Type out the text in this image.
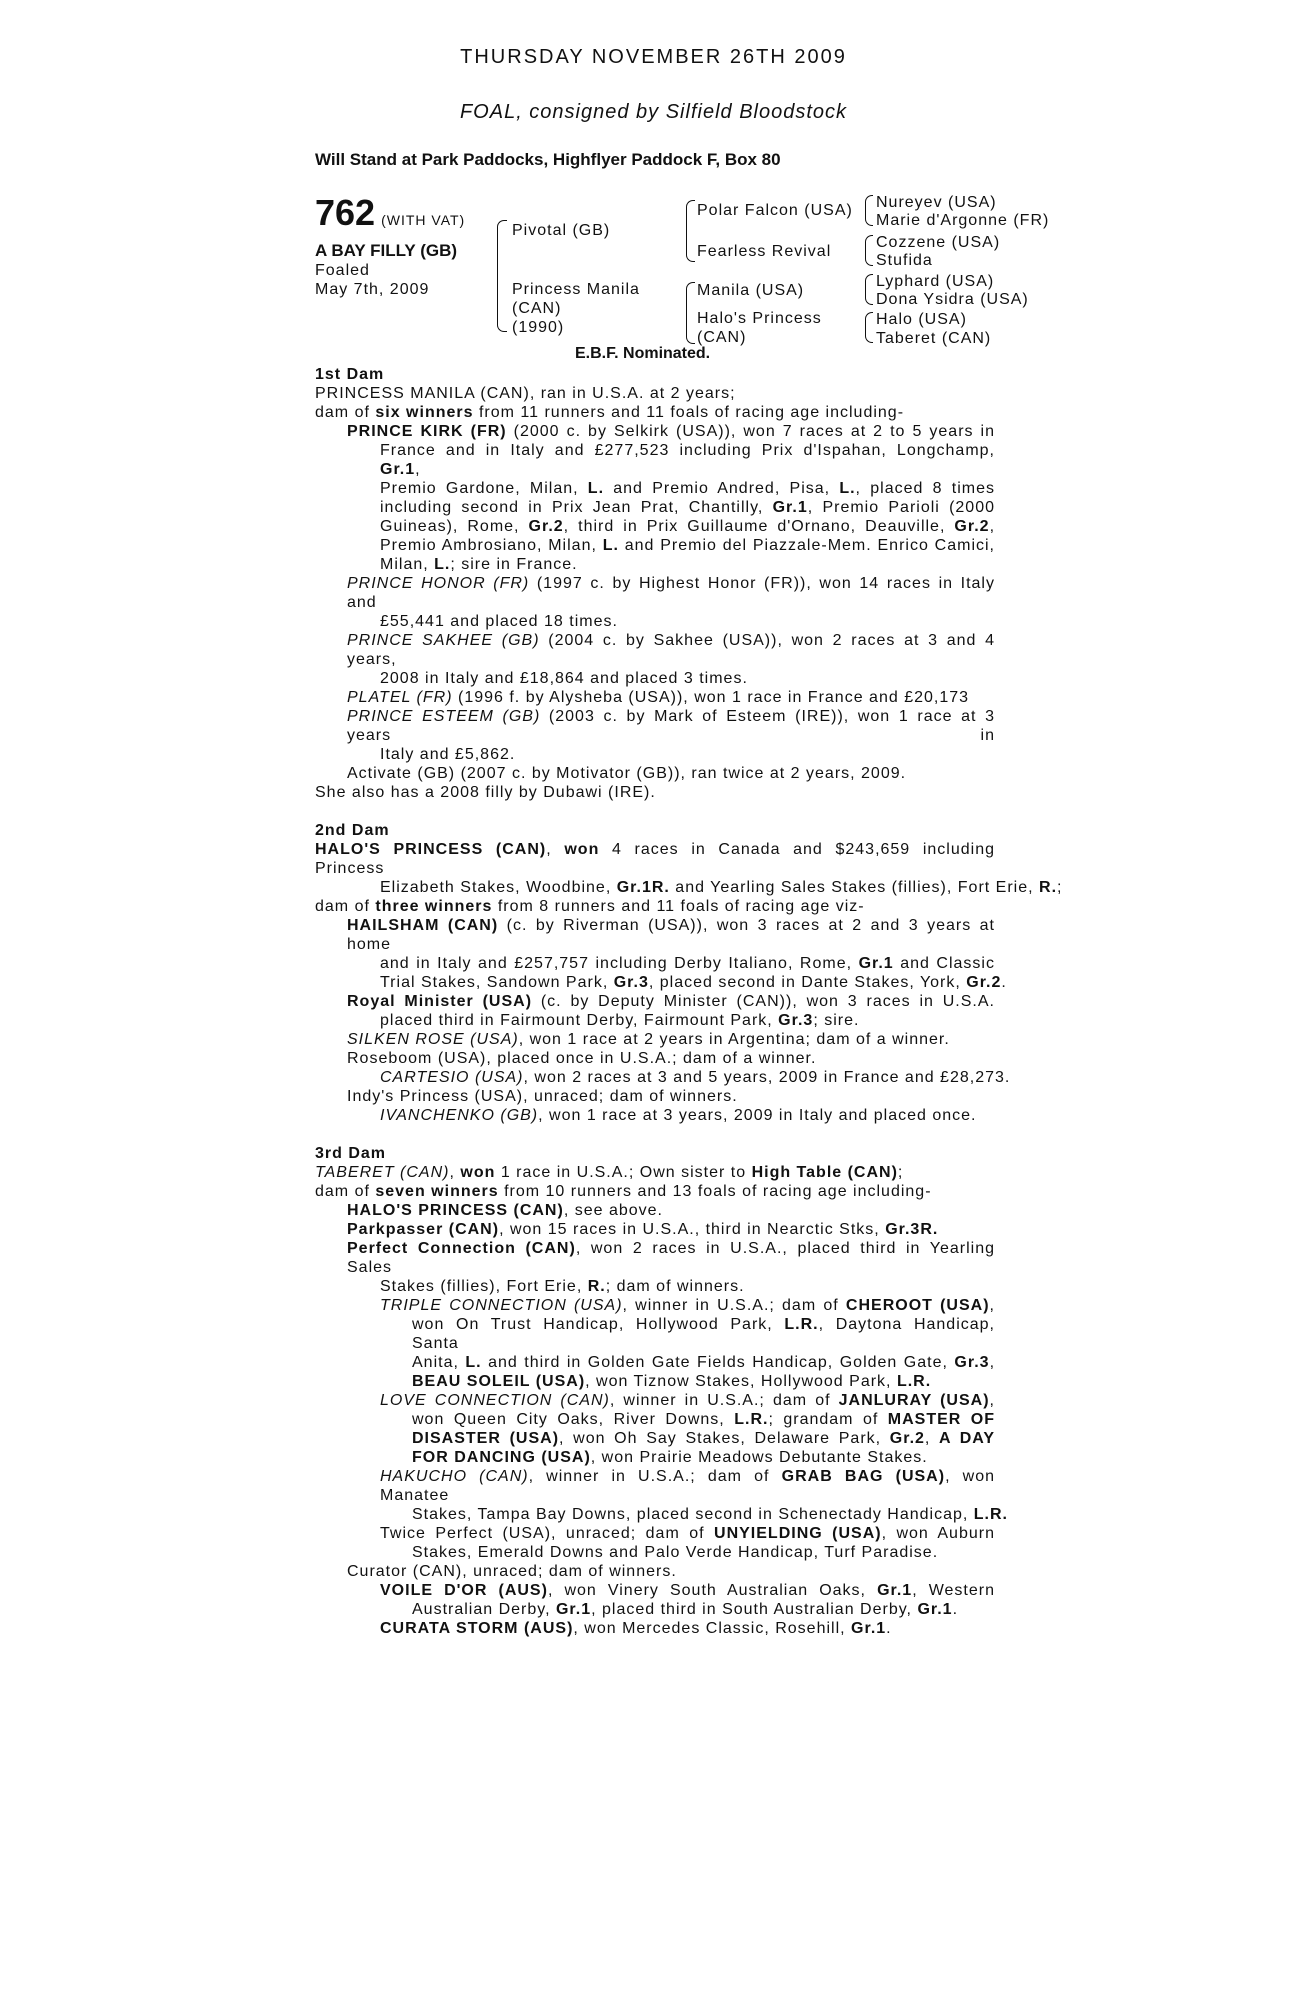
THURSDAY NOVEMBER 26TH 2009
FOAL, consigned by Silfield Bloodstock
Will Stand at Park Paddocks, Highflyer Paddock F, Box 80
762 (WITH VAT)
A BAY FILLY (GB)
Foaled
May 7th, 2009
Pivotal (GB)
Princess Manila
(CAN)
(1990)
Polar Falcon (USA)
Fearless Revival
Manila (USA)
Halo's Princess
(CAN)
Nureyev (USA)
Marie d'Argonne (FR)
Cozzene (USA)
Stufida
Lyphard (USA)
Dona Ysidra (USA)
Halo (USA)
Taberet (CAN)
E.B.F. Nominated.

1st Dam

PRINCESS MANILA (CAN), ran in U.S.A. at 2 years;

dam of six winners from 11 runners and 11 foals of racing age including-

PRINCE KIRK (FR) (2000 c. by Selkirk (USA)), won 7 races at 2 to 5 years in

France and in Italy and £277,523 including Prix d'Ispahan, Longchamp, Gr.1,

Premio Gardone, Milan, L. and Premio Andred, Pisa, L., placed 8 times

including second in Prix Jean Prat, Chantilly, Gr.1, Premio Parioli (2000

Guineas), Rome, Gr.2, third in Prix Guillaume d'Ornano, Deauville, Gr.2,

Premio Ambrosiano, Milan, L. and Premio del Piazzale-Mem. Enrico Camici,

Milan, L.; sire in France.

PRINCE HONOR (FR) (1997 c. by Highest Honor (FR)), won 14 races in Italy and

£55,441 and placed 18 times.

PRINCE SAKHEE (GB) (2004 c. by Sakhee (USA)), won 2 races at 3 and 4 years,

2008 in Italy and £18,864 and placed 3 times.

PLATEL (FR) (1996 f. by Alysheba (USA)), won 1 race in France and £20,173

PRINCE ESTEEM (GB) (2003 c. by Mark of Esteem (IRE)), won 1 race at 3 years in

Italy and £5,862.

Activate (GB) (2007 c. by Motivator (GB)), ran twice at 2 years, 2009.

She also has a 2008 filly by Dubawi (IRE).

2nd Dam

HALO'S PRINCESS (CAN), won 4 races in Canada and $243,659 including Princess

Elizabeth Stakes, Woodbine, Gr.1R. and Yearling Sales Stakes (fillies), Fort Erie, R.;

dam of three winners from 8 runners and 11 foals of racing age viz-

HAILSHAM (CAN) (c. by Riverman (USA)), won 3 races at 2 and 3 years at home

and in Italy and £257,757 including Derby Italiano, Rome, Gr.1 and Classic

Trial Stakes, Sandown Park, Gr.3, placed second in Dante Stakes, York, Gr.2.

Royal Minister (USA) (c. by Deputy Minister (CAN)), won 3 races in U.S.A.

placed third in Fairmount Derby, Fairmount Park, Gr.3; sire.

SILKEN ROSE (USA), won 1 race at 2 years in Argentina; dam of a winner.

Roseboom (USA), placed once in U.S.A.; dam of a winner.

CARTESIO (USA), won 2 races at 3 and 5 years, 2009 in France and £28,273.

Indy's Princess (USA), unraced; dam of winners.

IVANCHENKO (GB), won 1 race at 3 years, 2009 in Italy and placed once.

3rd Dam

TABERET (CAN), won 1 race in U.S.A.; Own sister to High Table (CAN);

dam of seven winners from 10 runners and 13 foals of racing age including-

HALO'S PRINCESS (CAN), see above.

Parkpasser (CAN), won 15 races in U.S.A., third in Nearctic Stks, Gr.3R.

Perfect Connection (CAN), won 2 races in U.S.A., placed third in Yearling Sales

Stakes (fillies), Fort Erie, R.; dam of winners.

TRIPLE CONNECTION (USA), winner in U.S.A.; dam of CHEROOT (USA),

won On Trust Handicap, Hollywood Park, L.R., Daytona Handicap, Santa

Anita, L. and third in Golden Gate Fields Handicap, Golden Gate, Gr.3,

BEAU SOLEIL (USA), won Tiznow Stakes, Hollywood Park, L.R.

LOVE CONNECTION (CAN), winner in U.S.A.; dam of JANLURAY (USA),

won Queen City Oaks, River Downs, L.R.; grandam of MASTER OF

DISASTER (USA), won Oh Say Stakes, Delaware Park, Gr.2, A DAY

FOR DANCING (USA), won Prairie Meadows Debutante Stakes.

HAKUCHO (CAN), winner in U.S.A.; dam of GRAB BAG (USA), won Manatee

Stakes, Tampa Bay Downs, placed second in Schenectady Handicap, L.R.

Twice Perfect (USA), unraced; dam of UNYIELDING (USA), won Auburn

Stakes, Emerald Downs and Palo Verde Handicap, Turf Paradise.

Curator (CAN), unraced; dam of winners.

VOILE D'OR (AUS), won Vinery South Australian Oaks, Gr.1, Western

Australian Derby, Gr.1, placed third in South Australian Derby, Gr.1.

CURATA STORM (AUS), won Mercedes Classic, Rosehill, Gr.1.
